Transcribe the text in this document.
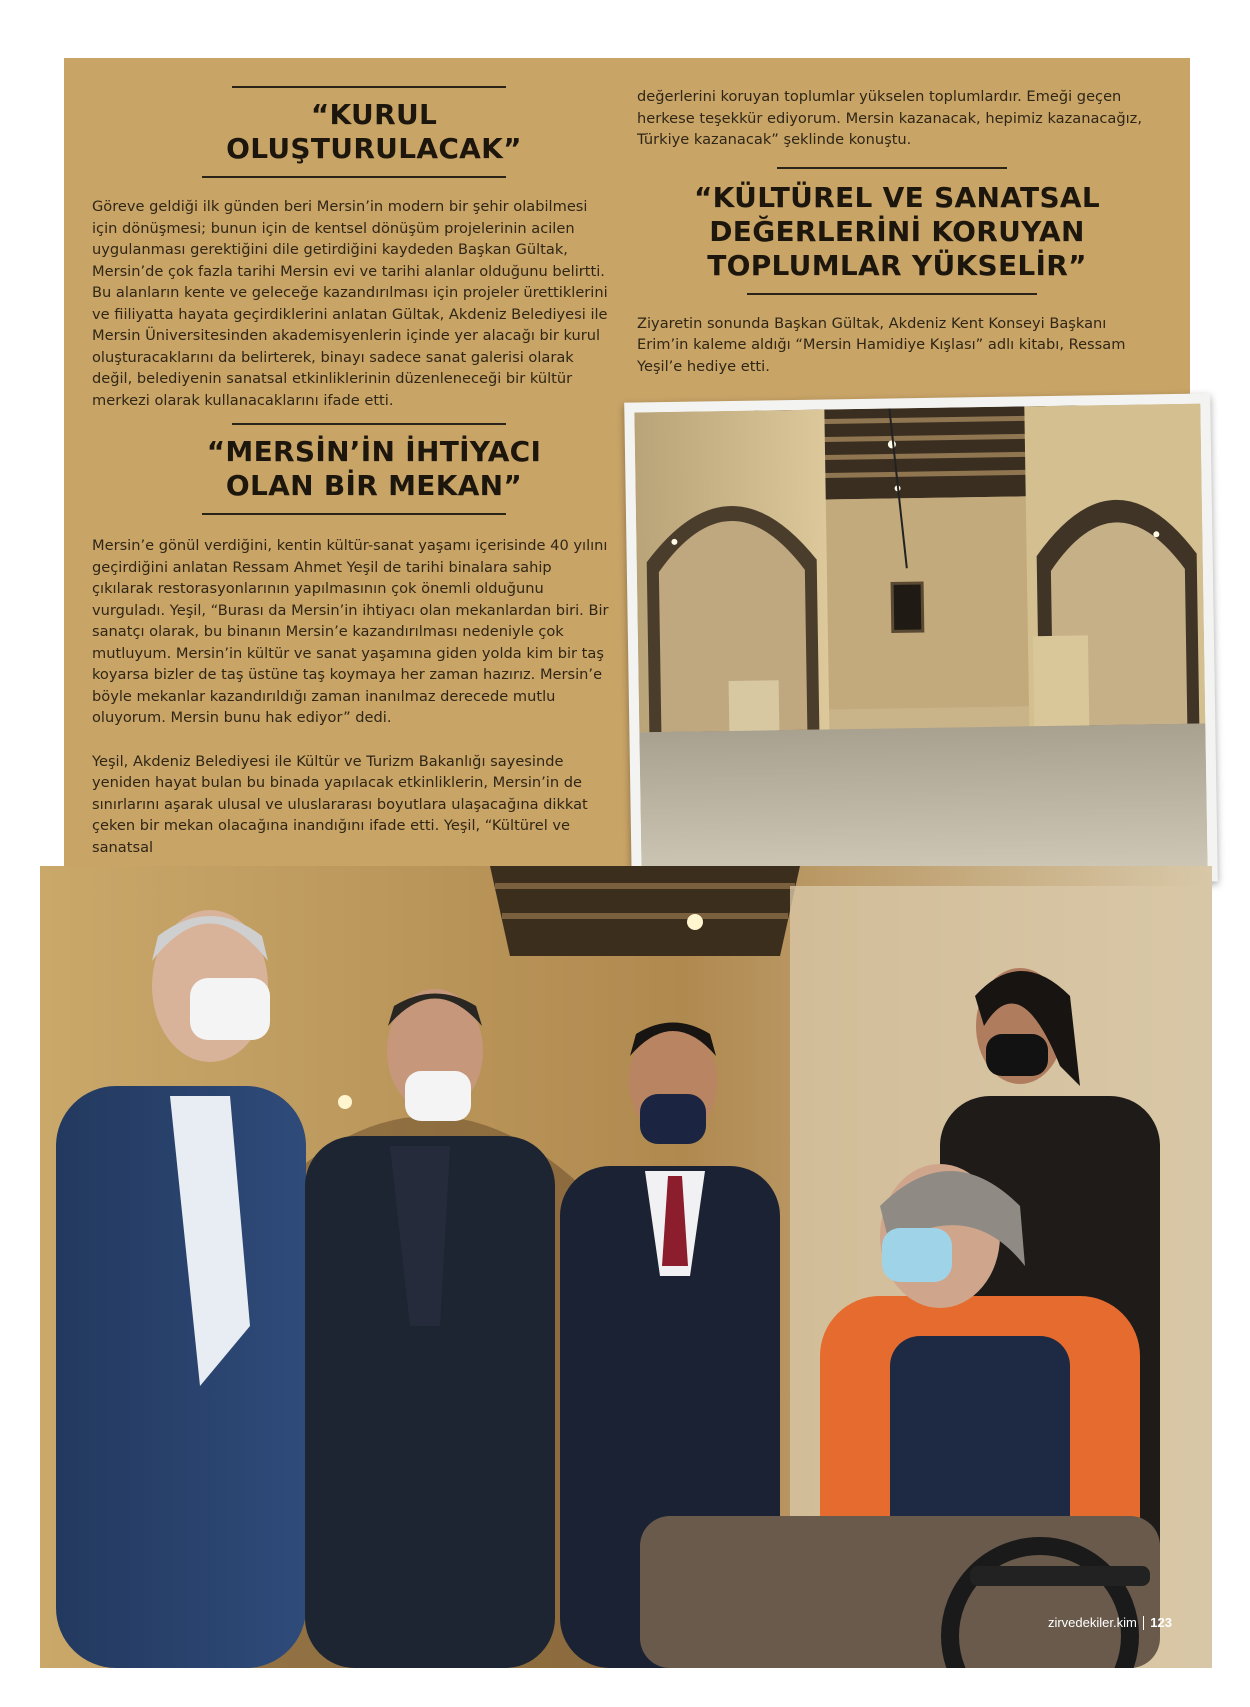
“KURUL OLUŞTURULACAK”

Göreve geldiği ilk günden beri Mersin’in modern bir şehir olabilmesi için dönüşmesi; bunun için de kentsel dönüşüm projelerinin acilen uygulanması gerektiğini dile getirdiğini kaydeden Başkan Gültak, Mersin’de çok fazla tarihi Mersin evi ve tarihi alanlar olduğunu belirtti. Bu alanların kente ve geleceğe kazandırılması için projeler ürettiklerini ve fiiliyatta hayata geçirdiklerini anlatan Gültak, Akdeniz Belediyesi ile Mersin Üniversitesinden akademisyenlerin içinde yer alacağı bir kurul oluşturacaklarını da belirterek, binayı sadece sanat galerisi olarak değil, belediyenin sanatsal etkinliklerinin düzenleneceği bir kültür merkezi olarak kullanacaklarını ifade etti.

“MERSİN’İN İHTİYACI OLAN BİR MEKAN”

Mersin’e gönül verdiğini, kentin kültür-sanat yaşamı içerisinde 40 yılını geçirdiğini anlatan Ressam Ahmet Yeşil de tarihi binalara sahip çıkılarak restorasyonlarının yapılmasının çok önemli olduğunu vurguladı. Yeşil, “Burası da Mersin’in ihtiyacı olan mekanlardan biri. Bir sanatçı olarak, bu binanın Mersin’e kazandırılması nedeniyle çok mutluyum. Mersin’in kültür ve sanat yaşamına giden yolda kim bir taş koyarsa bizler de taş üstüne taş koymaya her zaman hazırız. Mersin’e böyle mekanlar kazandırıldığı zaman inanılmaz derecede mutlu oluyorum. Mersin bunu hak ediyor” dedi.

Yeşil, Akdeniz Belediyesi ile Kültür ve Turizm Bakanlığı sayesinde yeniden hayat bulan bu binada yapılacak etkinliklerin, Mersin’in de sınırlarını aşarak ulusal ve uluslararası boyutlara ulaşacağına dikkat çeken bir mekan olacağına inandığını ifade etti. Yeşil, “Kültürel ve sanatsal

değerlerini koruyan toplumlar yükselen toplumlardır. Emeği geçen herkese teşekkür ediyorum. Mersin kazanacak, hepimiz kazanacağız, Türkiye kazanacak” şeklinde konuştu.

“KÜLTÜREL VE SANATSAL DEĞERLERİNİ KORUYAN TOPLUMLAR YÜKSELİR”

Ziyaretin sonunda Başkan Gültak, Akdeniz Kent Konseyi Başkanı Erim’in kaleme aldığı “Mersin Hamidiye Kışlası” adlı kitabı, Ressam Yeşil’e hediye etti.

zirvedekiler.kim 123
